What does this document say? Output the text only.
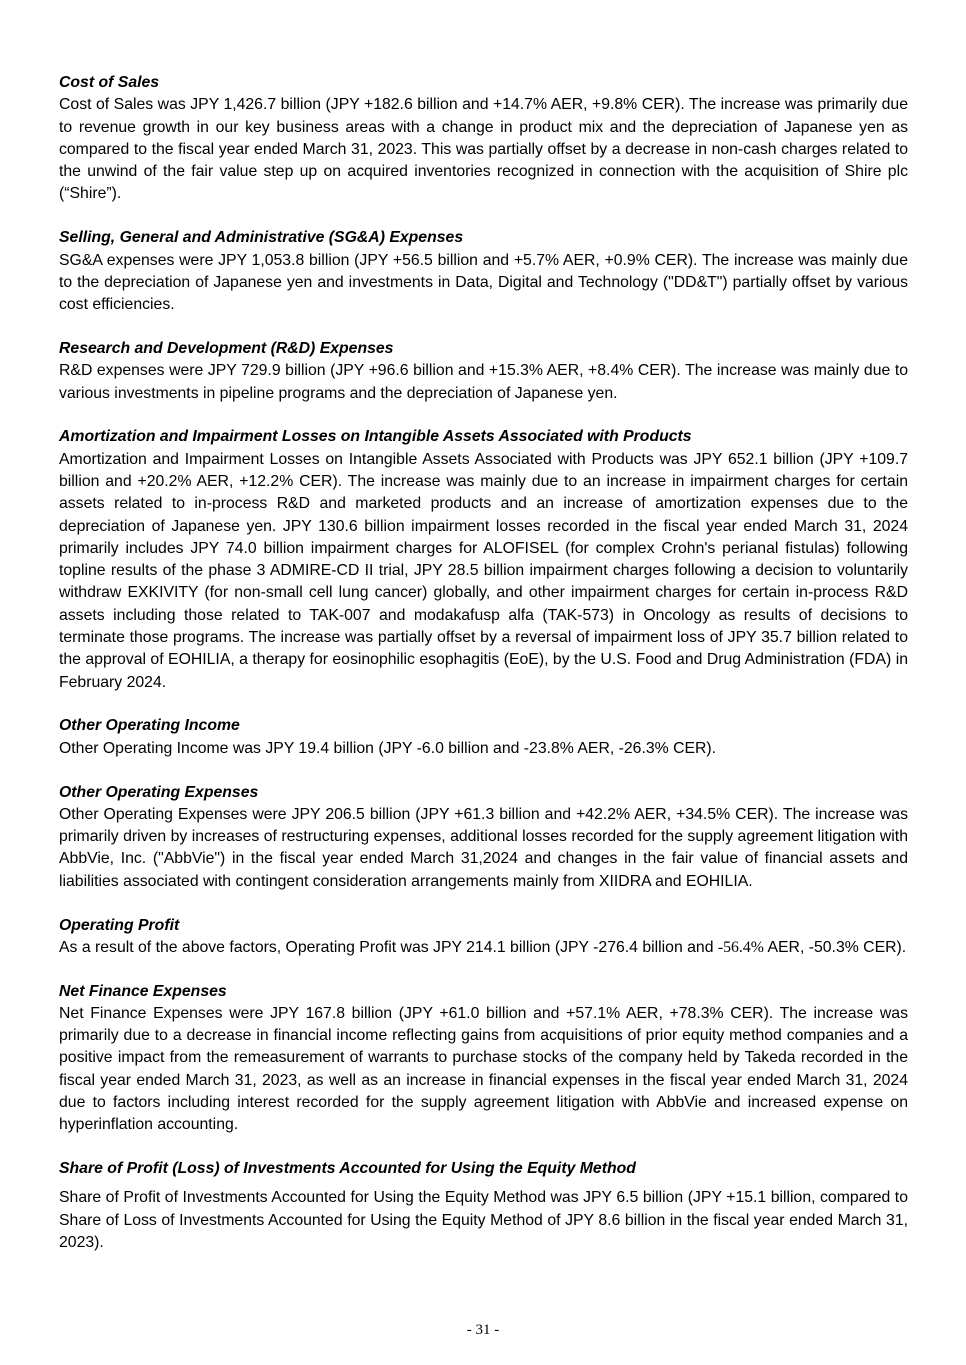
Cost of Sales

Cost of Sales was JPY 1,426.7 billion (JPY +182.6 billion and +14.7% AER, +9.8% CER). The increase was primarily due to revenue growth in our key business areas with a change in product mix and the depreciation of Japanese yen as compared to the fiscal year ended March 31, 2023. This was partially offset by a decrease in non-cash charges related to the unwind of the fair value step up on acquired inventories recognized in connection with the acquisition of Shire plc (“Shire”).

Selling, General and Administrative (SG&A) Expenses

SG&A expenses were JPY 1,053.8 billion (JPY +56.5 billion and +5.7% AER, +0.9% CER). The increase was mainly due to the depreciation of Japanese yen and investments in Data, Digital and Technology ("DD&T") partially offset by various cost efficiencies.

Research and Development (R&D) Expenses

R&D expenses were JPY 729.9 billion (JPY +96.6 billion and +15.3% AER, +8.4% CER). The increase was mainly due to various investments in pipeline programs and the depreciation of Japanese yen.

Amortization and Impairment Losses on Intangible Assets Associated with Products

Amortization and Impairment Losses on Intangible Assets Associated with Products was JPY 652.1 billion (JPY +109.7 billion and +20.2% AER, +12.2% CER). The increase was mainly due to an increase in impairment charges for certain assets related to in-process R&D and marketed products and an increase of amortization expenses due to the depreciation of Japanese yen. JPY 130.6 billion impairment losses recorded in the fiscal year ended March 31, 2024 primarily includes JPY 74.0 billion impairment charges for ALOFISEL (for complex Crohn's perianal fistulas) following topline results of the phase 3 ADMIRE-CD II trial, JPY 28.5 billion impairment charges following a decision to voluntarily withdraw EXKIVITY (for non-small cell lung cancer) globally, and other impairment charges for certain in-process R&D assets including those related to TAK-007 and modakafusp alfa (TAK-573) in Oncology as results of decisions to terminate those programs. The increase was partially offset by a reversal of impairment loss of JPY 35.7 billion related to the approval of EOHILIA, a therapy for eosinophilic esophagitis (EoE), by the U.S. Food and Drug Administration (FDA) in February 2024.

Other Operating Income

Other Operating Income was JPY 19.4 billion (JPY -6.0 billion and -23.8% AER, -26.3% CER).

Other Operating Expenses

Other Operating Expenses were JPY 206.5 billion (JPY +61.3 billion and +42.2% AER, +34.5% CER). The increase was primarily driven by increases of restructuring expenses, additional losses recorded for the supply agreement litigation with AbbVie, Inc. ("AbbVie") in the fiscal year ended March 31,2024 and changes in the fair value of financial assets and liabilities associated with contingent consideration arrangements mainly from XIIDRA and EOHILIA.

Operating Profit

As a result of the above factors, Operating Profit was JPY 214.1 billion (JPY -276.4 billion and -56.4% AER, -50.3% CER).

Net Finance Expenses

Net Finance Expenses were JPY 167.8 billion (JPY +61.0 billion and +57.1% AER, +78.3% CER). The increase was primarily due to a decrease in financial income reflecting gains from acquisitions of prior equity method companies and a positive impact from the remeasurement of warrants to purchase stocks of the company held by Takeda recorded in the fiscal year ended March 31, 2023, as well as an increase in financial expenses in the fiscal year ended March 31, 2024 due to factors including interest recorded for the supply agreement litigation with AbbVie and increased expense on hyperinflation accounting.

Share of Profit (Loss) of Investments Accounted for Using the Equity Method

Share of Profit of Investments Accounted for Using the Equity Method was JPY 6.5 billion (JPY +15.1 billion, compared to Share of Loss of Investments Accounted for Using the Equity Method of JPY 8.6 billion in the fiscal year ended March 31, 2023).

- 31 -
